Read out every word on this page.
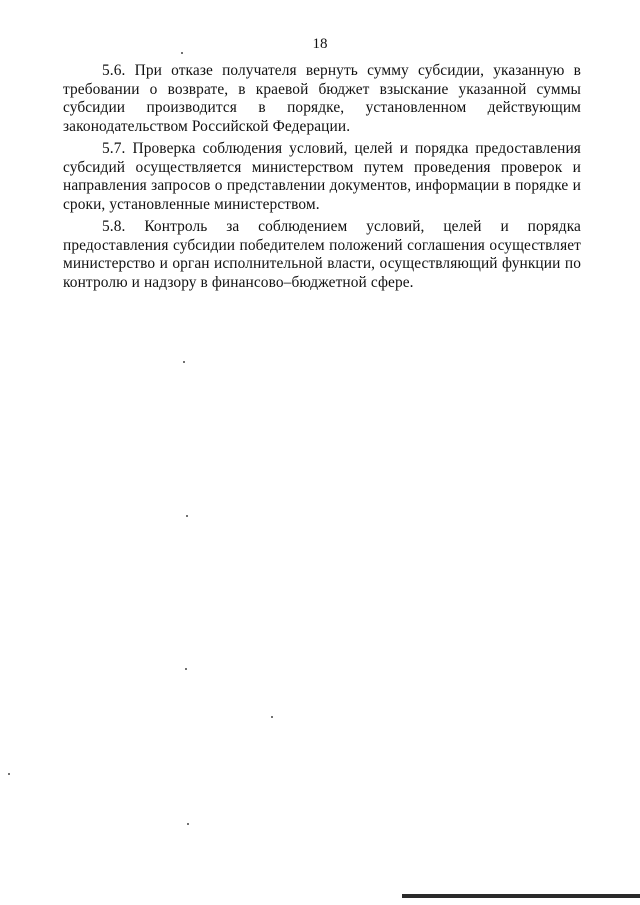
18

5.6. При отказе получателя вернуть сумму субсидии, указанную в требовании о возврате, в краевой бюджет взыскание указанной суммы субсидии производится в порядке, установленном действующим законодательством Российской Федерации.

5.7. Проверка соблюдения условий, целей и порядка предоставления субсидий осуществляется министерством путем проведения проверок и направления запросов о представлении документов, информации в порядке и сроки, установленные министерством.

5.8. Контроль за соблюдением условий, целей и порядка предоставления субсидии победителем положений соглашения осуществляет министерство и орган исполнительной власти, осуществляющий функции по контролю и надзору в финансово–бюджетной сфере.
